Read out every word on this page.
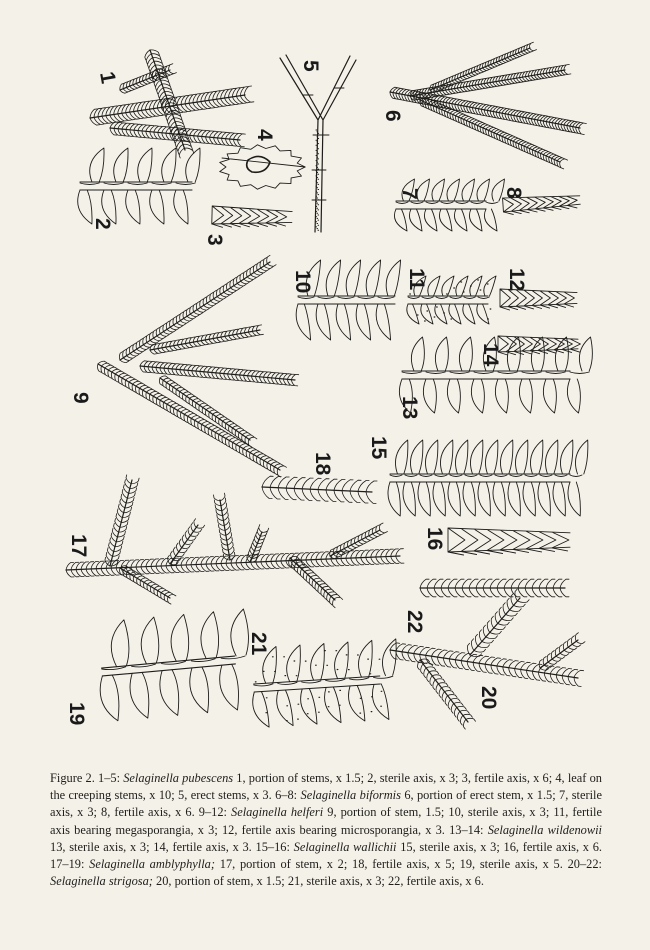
1
2
3
4
5
6
7	8
9
10	11	12
13
14
15
16
17
18
19
20
21
22
Figure 2. 1–5: Selaginella pubescens 1, portion of stems, x 1.5; 2, sterile axis, x 3; 3, fertile axis, x 6; 4, leaf on the creeping stems, x 10; 5, erect stems, x 3. 6–8: Selaginella biformis 6, portion of erect stem, x 1.5; 7, sterile axis, x 3; 8, fertile axis, x 6. 9–12: Selaginella helferi 9, portion of stem, 1.5; 10, sterile axis, x 3; 11, fertile axis bearing megasporangia, x 3; 12, fertile axis bearing microsporangia, x 3. 13–14: Selaginella wildenowii 13, sterile axis, x 3; 14, fertile axis, x 3. 15–16: Selaginella wallichii 15, sterile axis, x 3; 16, fertile axis, x 6. 17–19: Selaginella amblyphylla; 17, portion of stem, x 2; 18, fertile axis, x 5; 19, sterile axis, x 5. 20–22: Selaginella strigosa; 20, portion of stem, x 1.5; 21, sterile axis, x 3; 22, fertile axis, x 6.
